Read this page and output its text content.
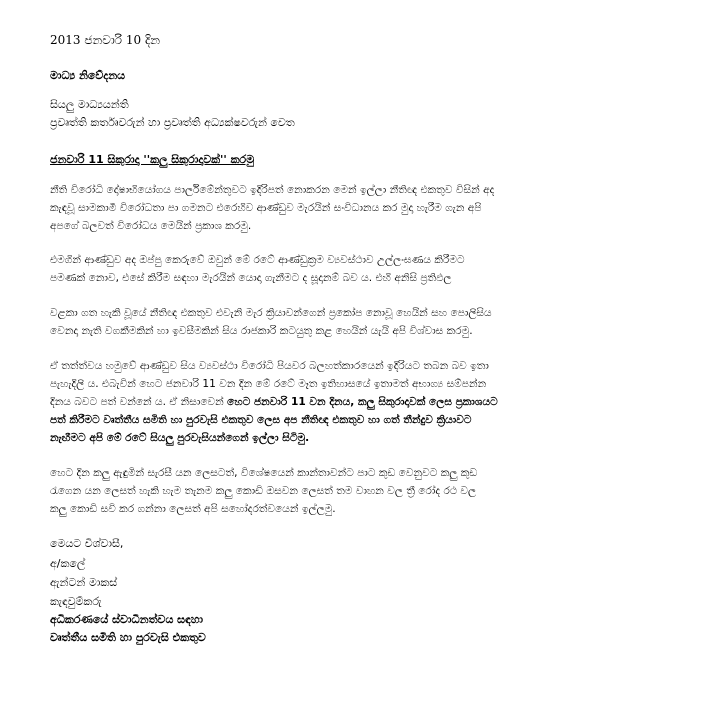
2013 ජනවාරි 10 දින
මාධ්‍ය නිවේදනය
සියලු මාධ්‍යයන්ති
ප්‍රවෘත්ති කර්තෘවරුන් හා ප්‍රවෘත්ති අධ්‍යක්ෂවරුන් වෙත
ජනවාරි 11 සිකුරාදා ''කලු සිකුරාදාවක්'' කරමු
නීති විරෝධි දෝෂාභියෝගය පාර්ලිමේන්තුවට ඉදිරිපත් නොකරන මෙන් ඉල්ලා නීතිඥ එකතුව විසින් අද
කැඳවූ සාමකාමී විරෝධතා පා ගමනට එරෙහිව ආණ්ඩුව මැරයින් සංවිධානය කර මුදා හැරීම ගැන අපි
අපගේ බලවත් විරෝධය මෙයින් ප්‍රකාශ කරමු.
එමගින් ආණ්ඩුව අද ඔප්පු කෙරුවේ ඔවුන් මේ රටේ ආණ්ඩුක්‍රම ව්‍යවස්ථාව උල්ලංඝණය කිරීමට
පමණක් නොව, එසේ කිරීම සඳහා මැරයින් යොදා ගැනීමට ද සූදානම් බව ය. එහි අනිසි ප්‍රතිඵල
වළකා ගත හැකි වූයේ නීතිඥ එකතුව එවැනි මැර ක්‍රියාවන්ගෙන් ප්‍රකෝප නොවූ හෙයින් සහ පොලිසිය
වෙනදා නැති වගකීමකින් හා ඉවසීමකින් සිය රාජකාරි කටයුතු කළ හෙයින් යැයි අපි විශ්වාස කරමු.
ඒ තත්ත්වය හමුවේ ආණ්ඩුව සිය ව්‍යවස්ථා විරෝධි පියවර බලහත්කාරයෙන් ඉදිරියට තබන බව ඉතා
පැහැදිලි ය. එබැවින් හෙට ජනවාරි 11 වන දින මේ රටේ මෑත ඉතිහාසයේ ඉතාමත් අභාග්‍ය සම්පන්න
දිනය බවට පත් වන්නේ ය. ඒ නිසාවෙන් හෙට ජනවාරි 11 වන දිනය, කලු සිකුරාදාවක් ලෙස ප්‍රකාශයට
පත් කිරීමට වෘත්තීය සමිති හා පුරවැසි එකතුව ලෙස අප නීතිඥ එකතුව හා ගත් තීන්දුව ක්‍රියාවට
නැඟීමට අපි මේ රටේ සියලු පුරවැසියන්ගෙන් ඉල්ලා සිටිමු.
හෙට දින කලු ඇඳුමින් සැරසී යන ලෙසටත්, විශේෂයෙන් කාන්තාවන්ට පාට කුඩ වෙනුවට කලු කුඩ
රැගෙන යන ලෙසත් හැකි හැම තැනම කලු කොඩි ඔසවන ලෙසත් තම වාහන වල ත්‍රී රෝද රථ වල
කලු කොඩි සවි කර ගන්නා ලෙසත් අපි සහෝදරත්වයෙන් ඉල්ලමු.
මෙයට විශ්වාසී,
අ/කලේ
ඇන්ටන් මාකස්
කැඳවුම්කරු
අධිකරණයේ ස්වාධීනත්වය සඳහා
වෘත්තීය සමිති හා පුරවැසි එකතුව
